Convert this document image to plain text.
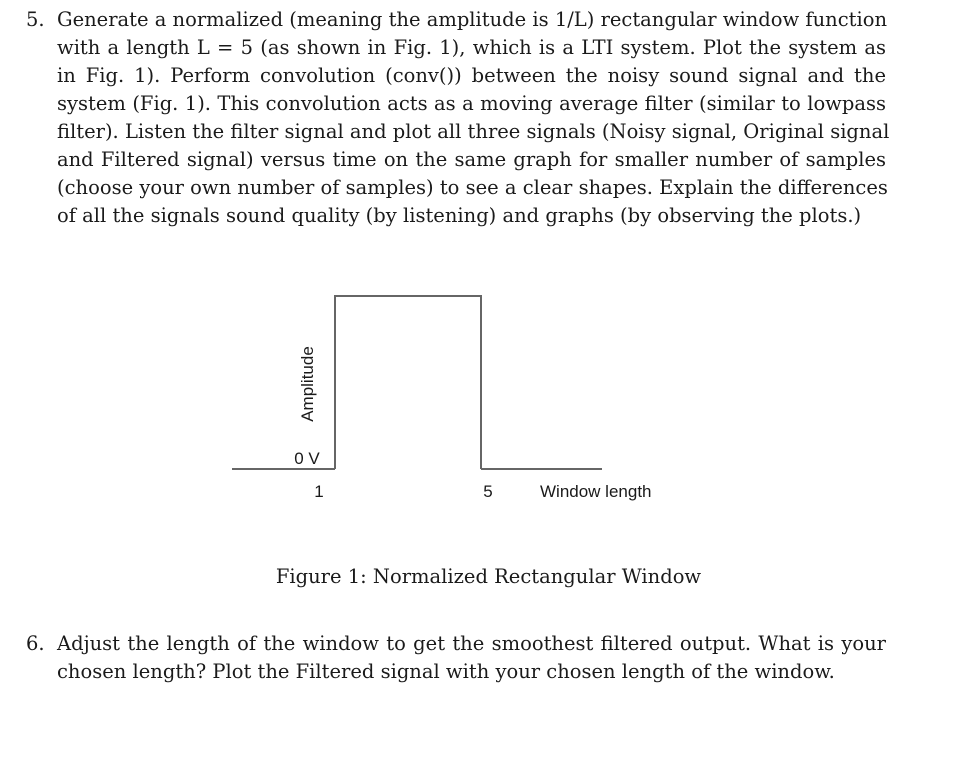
5. Generate a normalized (meaning the amplitude is 1/L) rectangular window function
with a length L = 5 (as shown in Fig. 1), which is a LTI system. Plot the system as
in Fig. 1). Perform convolution (conv()) between the noisy sound signal and the
system (Fig. 1). This convolution acts as a moving average filter (similar to lowpass
filter). Listen the filter signal and plot all three signals (Noisy signal, Original signal
and Filtered signal) versus time on the same graph for smaller number of samples
(choose your own number of samples) to see a clear shapes. Explain the differences
of all the signals sound quality (by listening) and graphs (by observing the plots.)
Amplitude
0 V
1	5	Window length
Figure 1: Normalized Rectangular Window
6. Adjust the length of the window to get the smoothest filtered output. What is your
chosen length? Plot the Filtered signal with your chosen length of the window.
